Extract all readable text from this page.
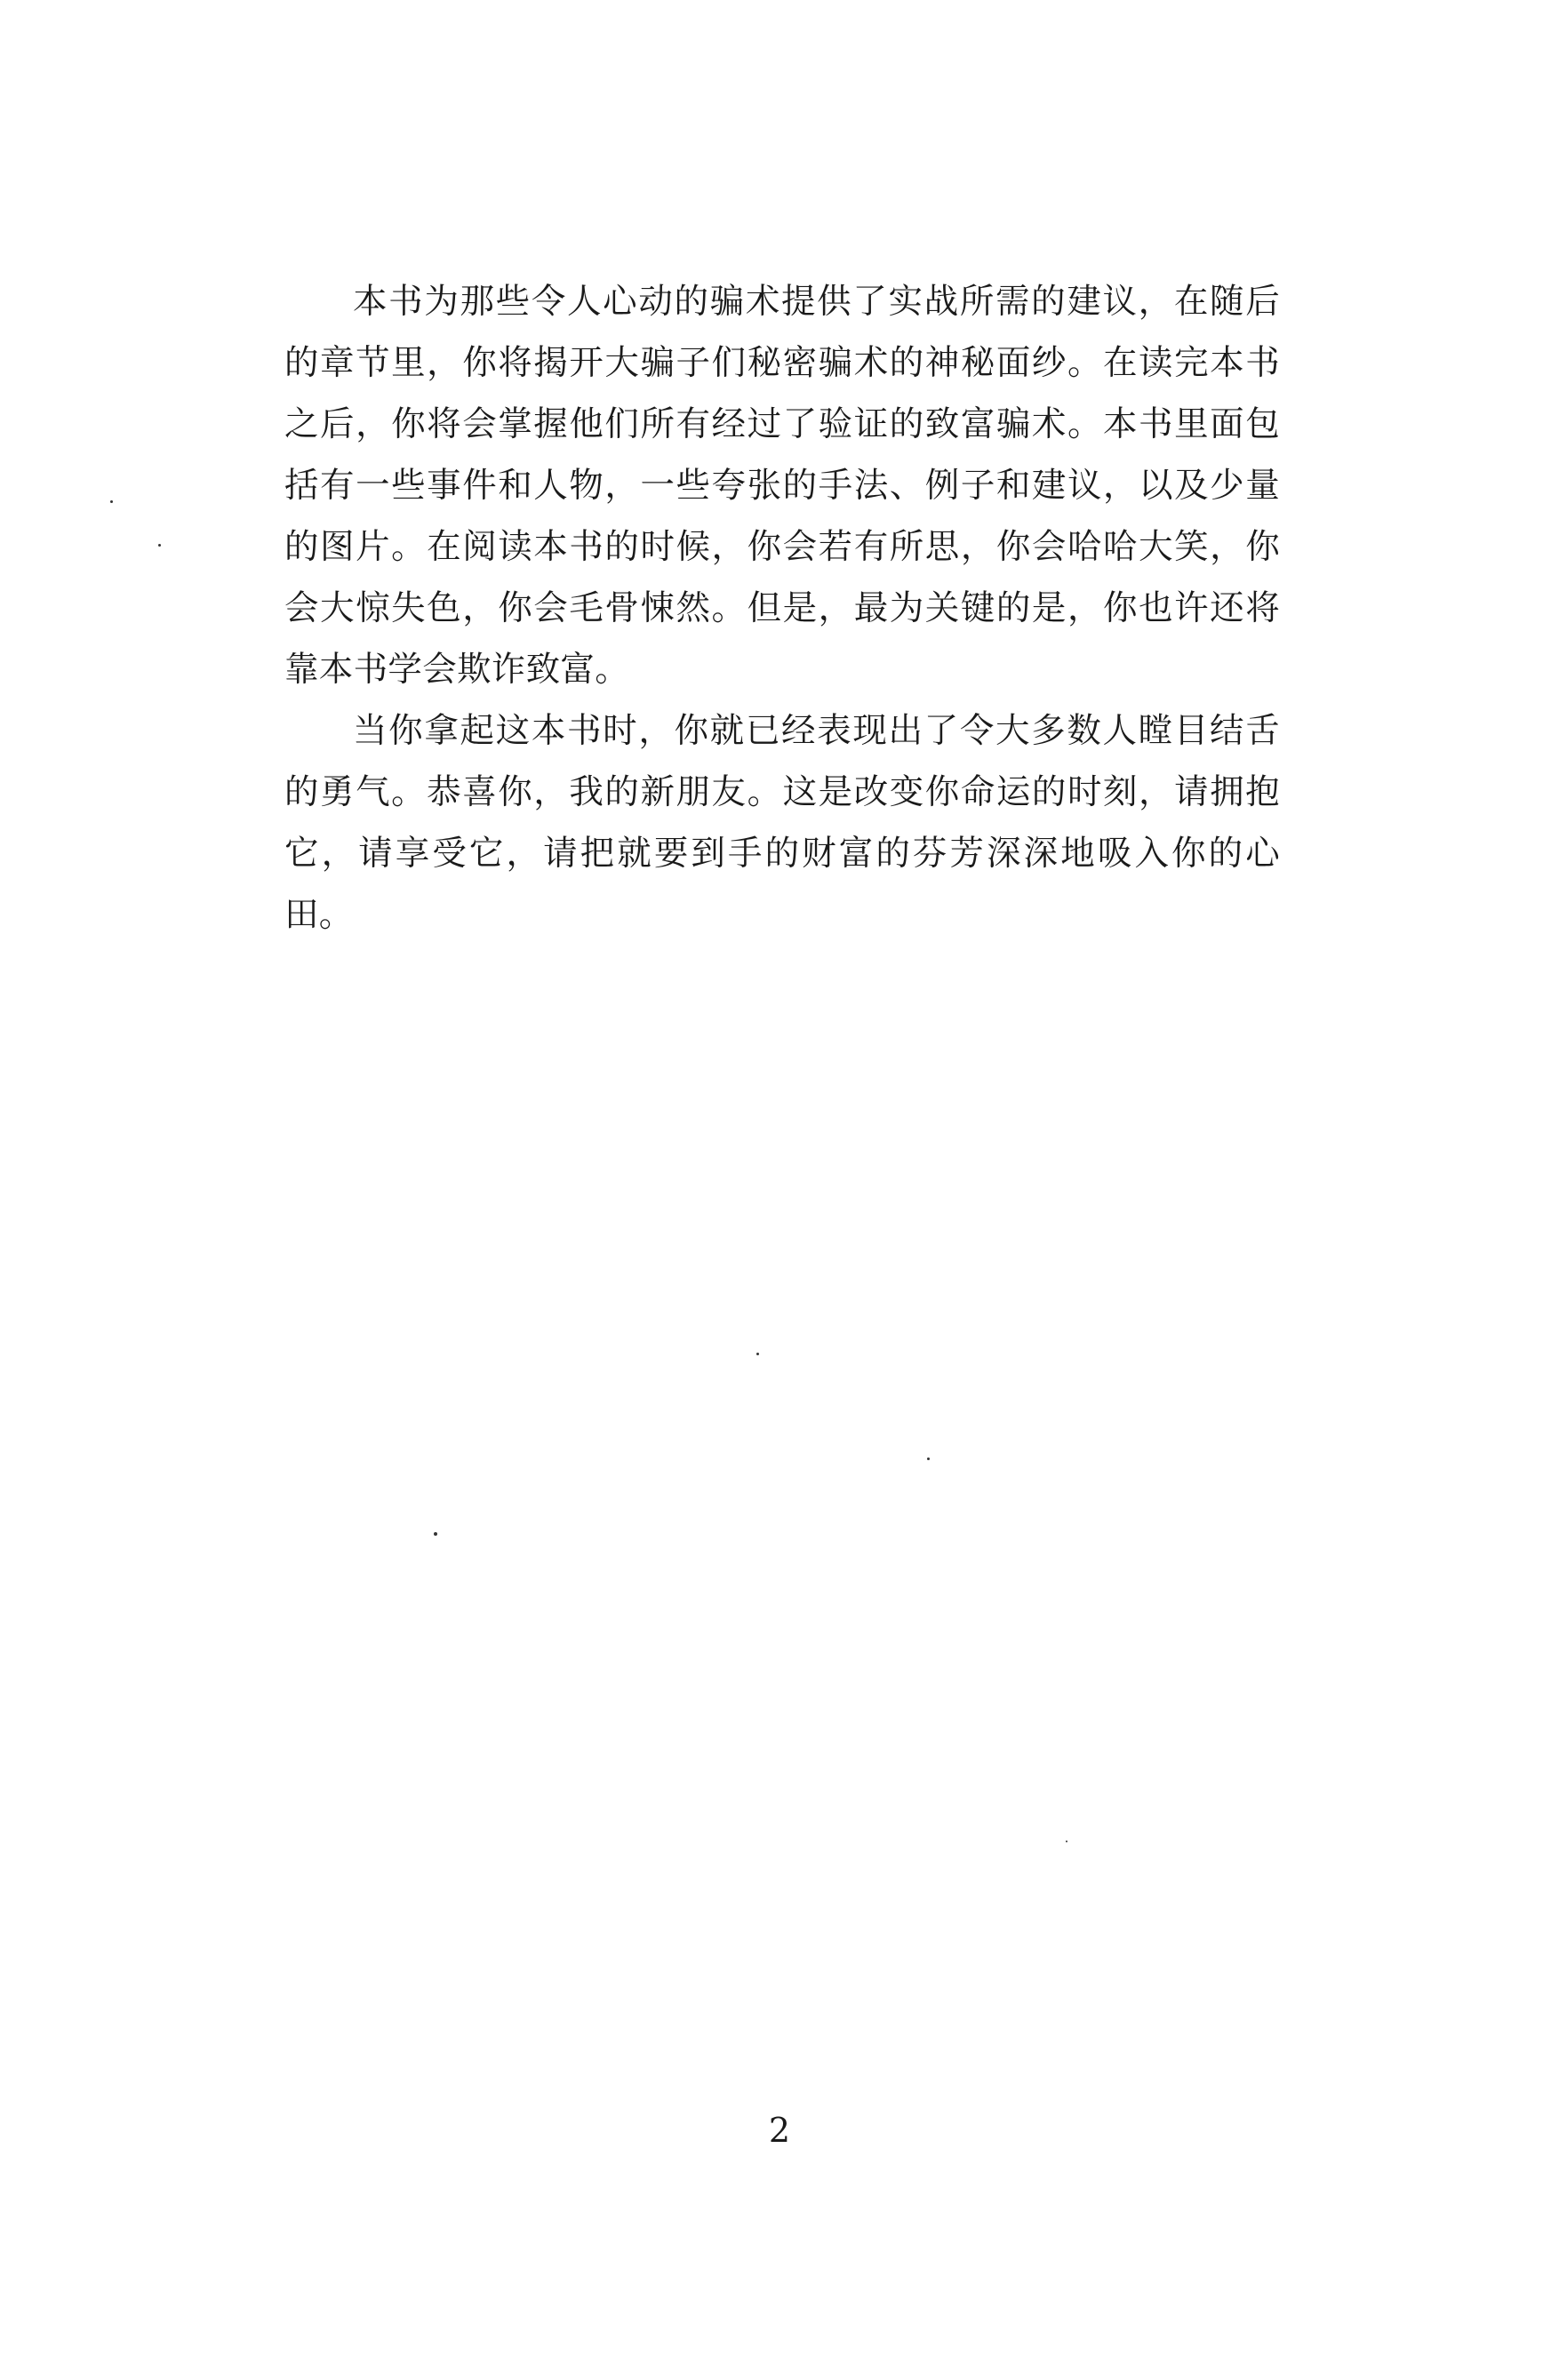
本书为那些令人心动的骗术提供了实战所需的建议，在随后的章节里，你将揭开大骗子们秘密骗术的神秘面纱。在读完本书之后，你将会掌握他们所有经过了验证的致富骗术。本书里面包括有一些事件和人物，一些夸张的手法、例子和建议，以及少量的图片。在阅读本书的时候，你会若有所思，你会哈哈大笑，你会大惊失色，你会毛骨悚然。但是，最为关键的是，你也许还将靠本书学会欺诈致富。

当你拿起这本书时，你就已经表现出了令大多数人瞠目结舌的勇气。恭喜你，我的新朋友。这是改变你命运的时刻，请拥抱它，请享受它，请把就要到手的财富的芬芳深深地吸入你的心田。

2
